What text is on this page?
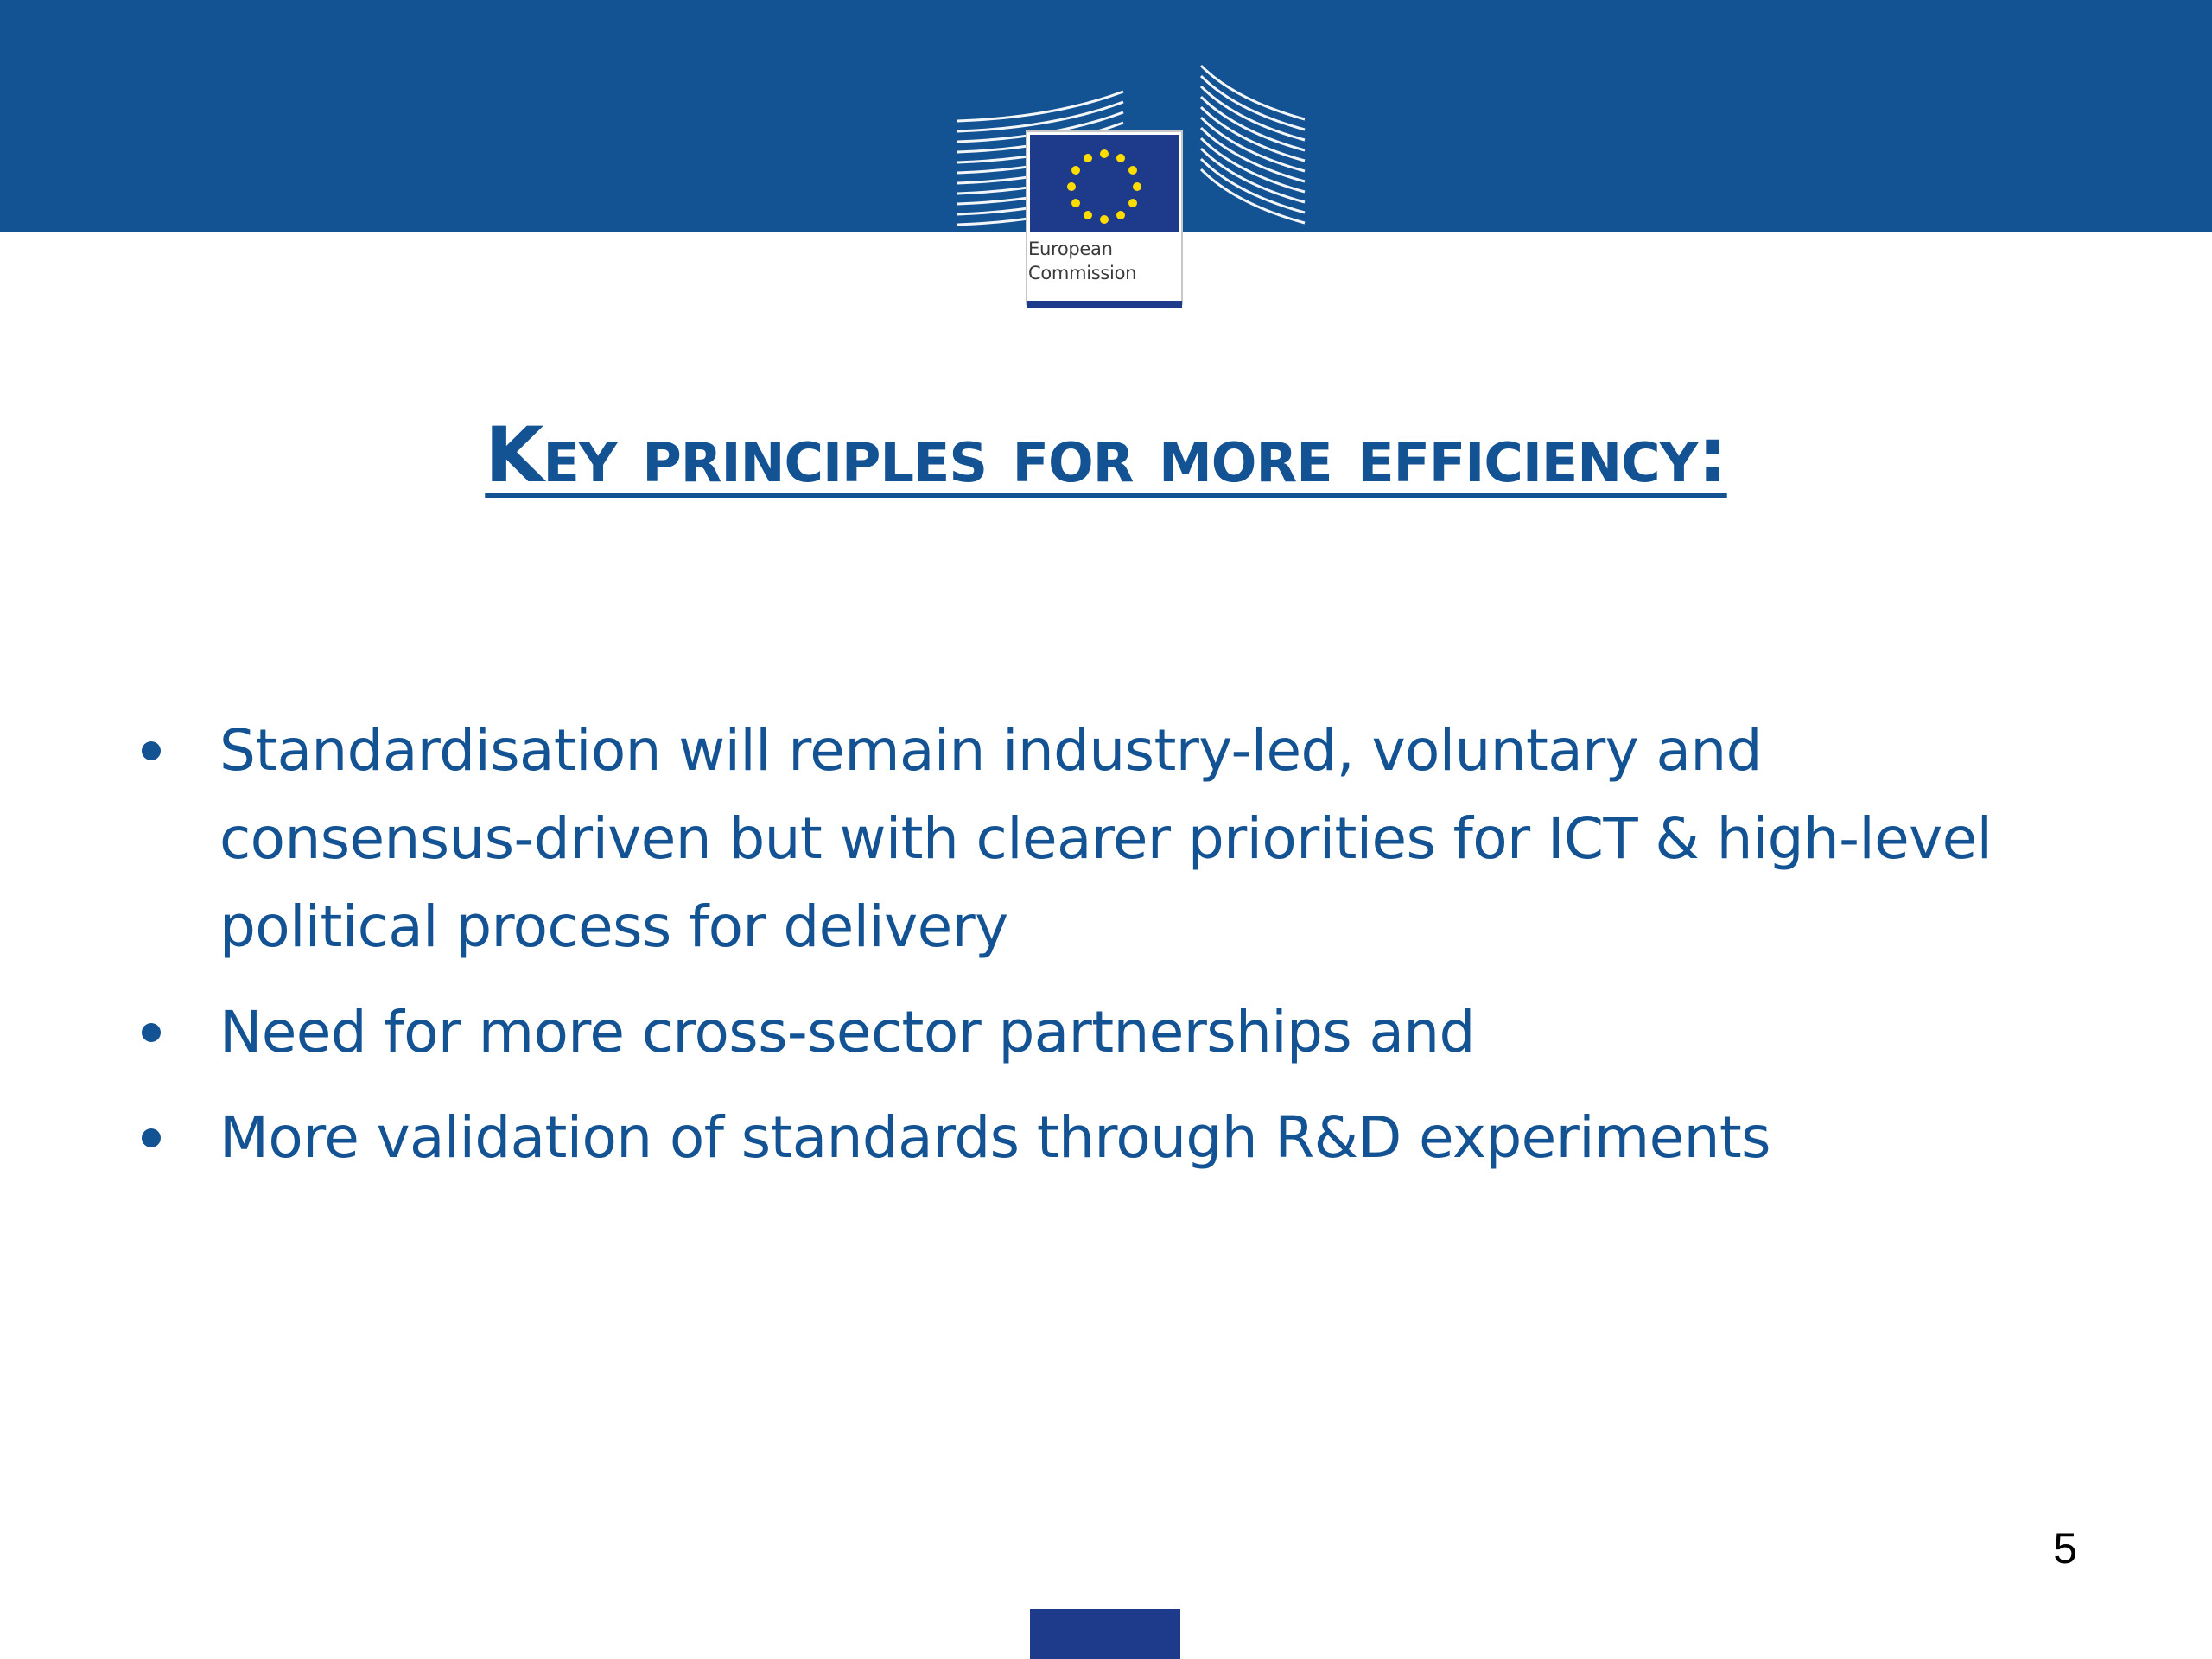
European
Commission
Key principles for more efficiency:
Standardisation will remain industry-led, voluntary and consensus-driven but with clearer priorities for ICT & high-level political process for delivery
Need for more cross-sector partnerships and
More validation of standards through R&D experiments
5
